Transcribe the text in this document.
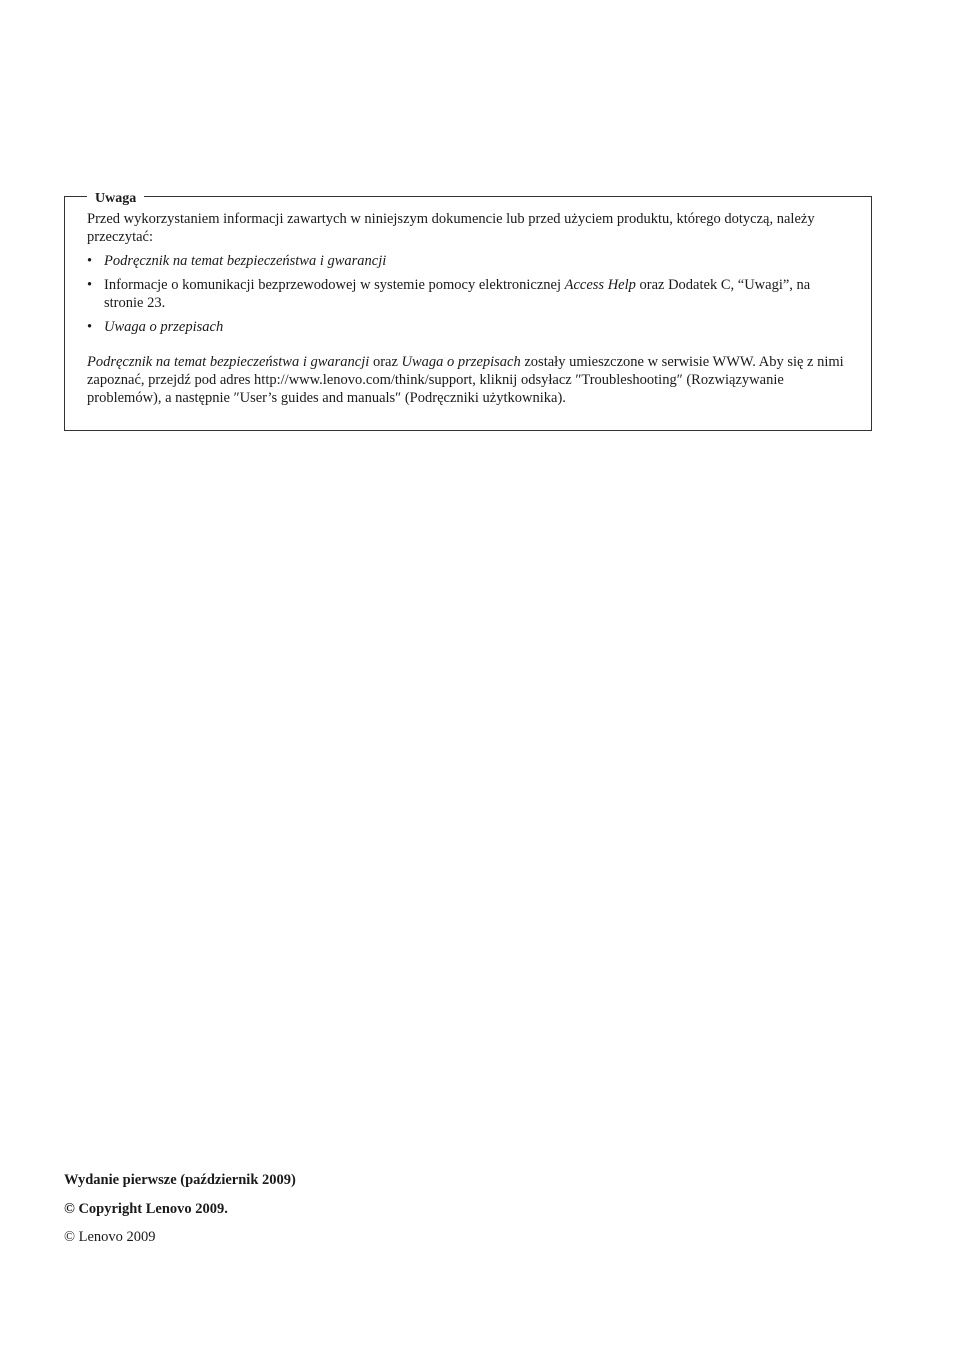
Uwaga

Przed wykorzystaniem informacji zawartych w niniejszym dokumencie lub przed użyciem produktu, którego dotyczą, należy przeczytać:

• Podręcznik na temat bezpieczeństwa i gwarancji
• Informacje o komunikacji bezprzewodowej w systemie pomocy elektronicznej Access Help oraz Dodatek C, “Uwagi”, na stronie 23.
• Uwaga o przepisach

Podręcznik na temat bezpieczeństwa i gwarancji oraz Uwaga o przepisach zostały umieszczone w serwisie WWW. Aby się z nimi zapoznać, przejdź pod adres http://www.lenovo.com/think/support, kliknij odsyłacz ″Troubleshooting″ (Rozwiązywanie problemów), a następnie ″User’s guides and manuals″ (Podręczniki użytkownika).

Wydanie pierwsze (październik 2009)
© Copyright Lenovo 2009.
© Lenovo 2009
